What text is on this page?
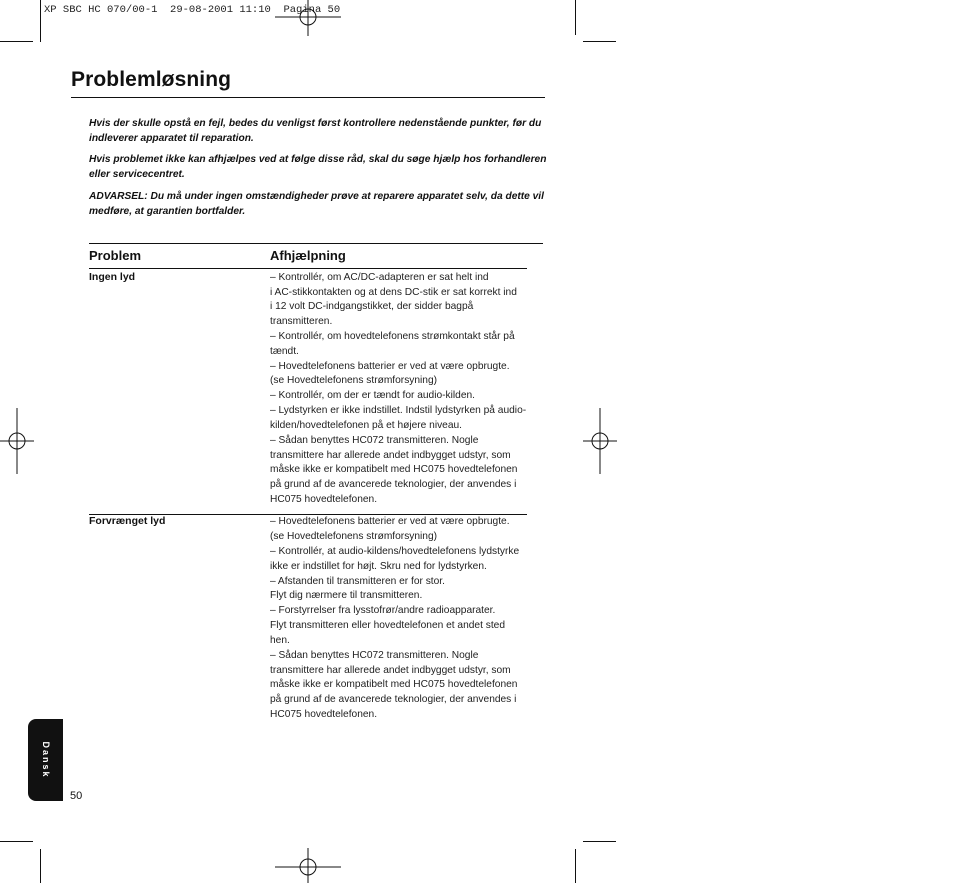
XP SBC HC 070/00-1  29-08-2001 11:10  Pagina 50
Problemløsning

Hvis der skulle opstå en fejl, bedes du venligst først kontrollere nedenstående punkter, før du indleverer apparatet til reparation.

Hvis problemet ikke kan afhjælpes ved at følge disse råd, skal du søge hjælp hos forhandleren eller servicecentret.

ADVARSEL: Du må under ingen omstændigheder prøve at reparere apparatet selv, da dette vil medføre, at garantien bortfalder.

Problem	Afhjælpning
Ingen lyd	– Kontrollér, om AC/DC-adapteren er sat helt ind
i AC-stikkontakten og at dens DC-stik er sat korrekt ind
i 12 volt DC-indgangstikket, der sidder bagpå
transmitteren.
– Kontrollér, om hovedtelefonens strømkontakt står på
tændt.
– Hovedtelefonens batterier er ved at være opbrugte.
(se Hovedtelefonens strømforsyning)
– Kontrollér, om der er tændt for audio-kilden.
– Lydstyrken er ikke indstillet. Indstil lydstyrken på audio-
kilden/hovedtelefonen på et højere niveau.
– Sådan benyttes HC072 transmitteren. Nogle
transmittere har allerede andet indbygget udstyr, som
måske ikke er kompatibelt med HC075 hovedtelefonen
på grund af de avancerede teknologier, der anvendes i
HC075 hovedtelefonen.
Forvrænget lyd	– Hovedtelefonens batterier er ved at være opbrugte.
(se Hovedtelefonens strømforsyning)
– Kontrollér, at audio-kildens/hovedtelefonens lydstyrke
ikke er indstillet for højt. Skru ned for lydstyrken.
– Afstanden til transmitteren er for stor.
Flyt dig nærmere til transmitteren.
– Forstyrrelser fra lysstofrør/andre radioapparater.
Flyt transmitteren eller hovedtelefonen et andet sted
hen.
– Sådan benyttes HC072 transmitteren. Nogle
transmittere har allerede andet indbygget udstyr, som
måske ikke er kompatibelt med HC075 hovedtelefonen
på grund af de avancerede teknologier, der anvendes i
HC075 hovedtelefonen.
Dansk
50
